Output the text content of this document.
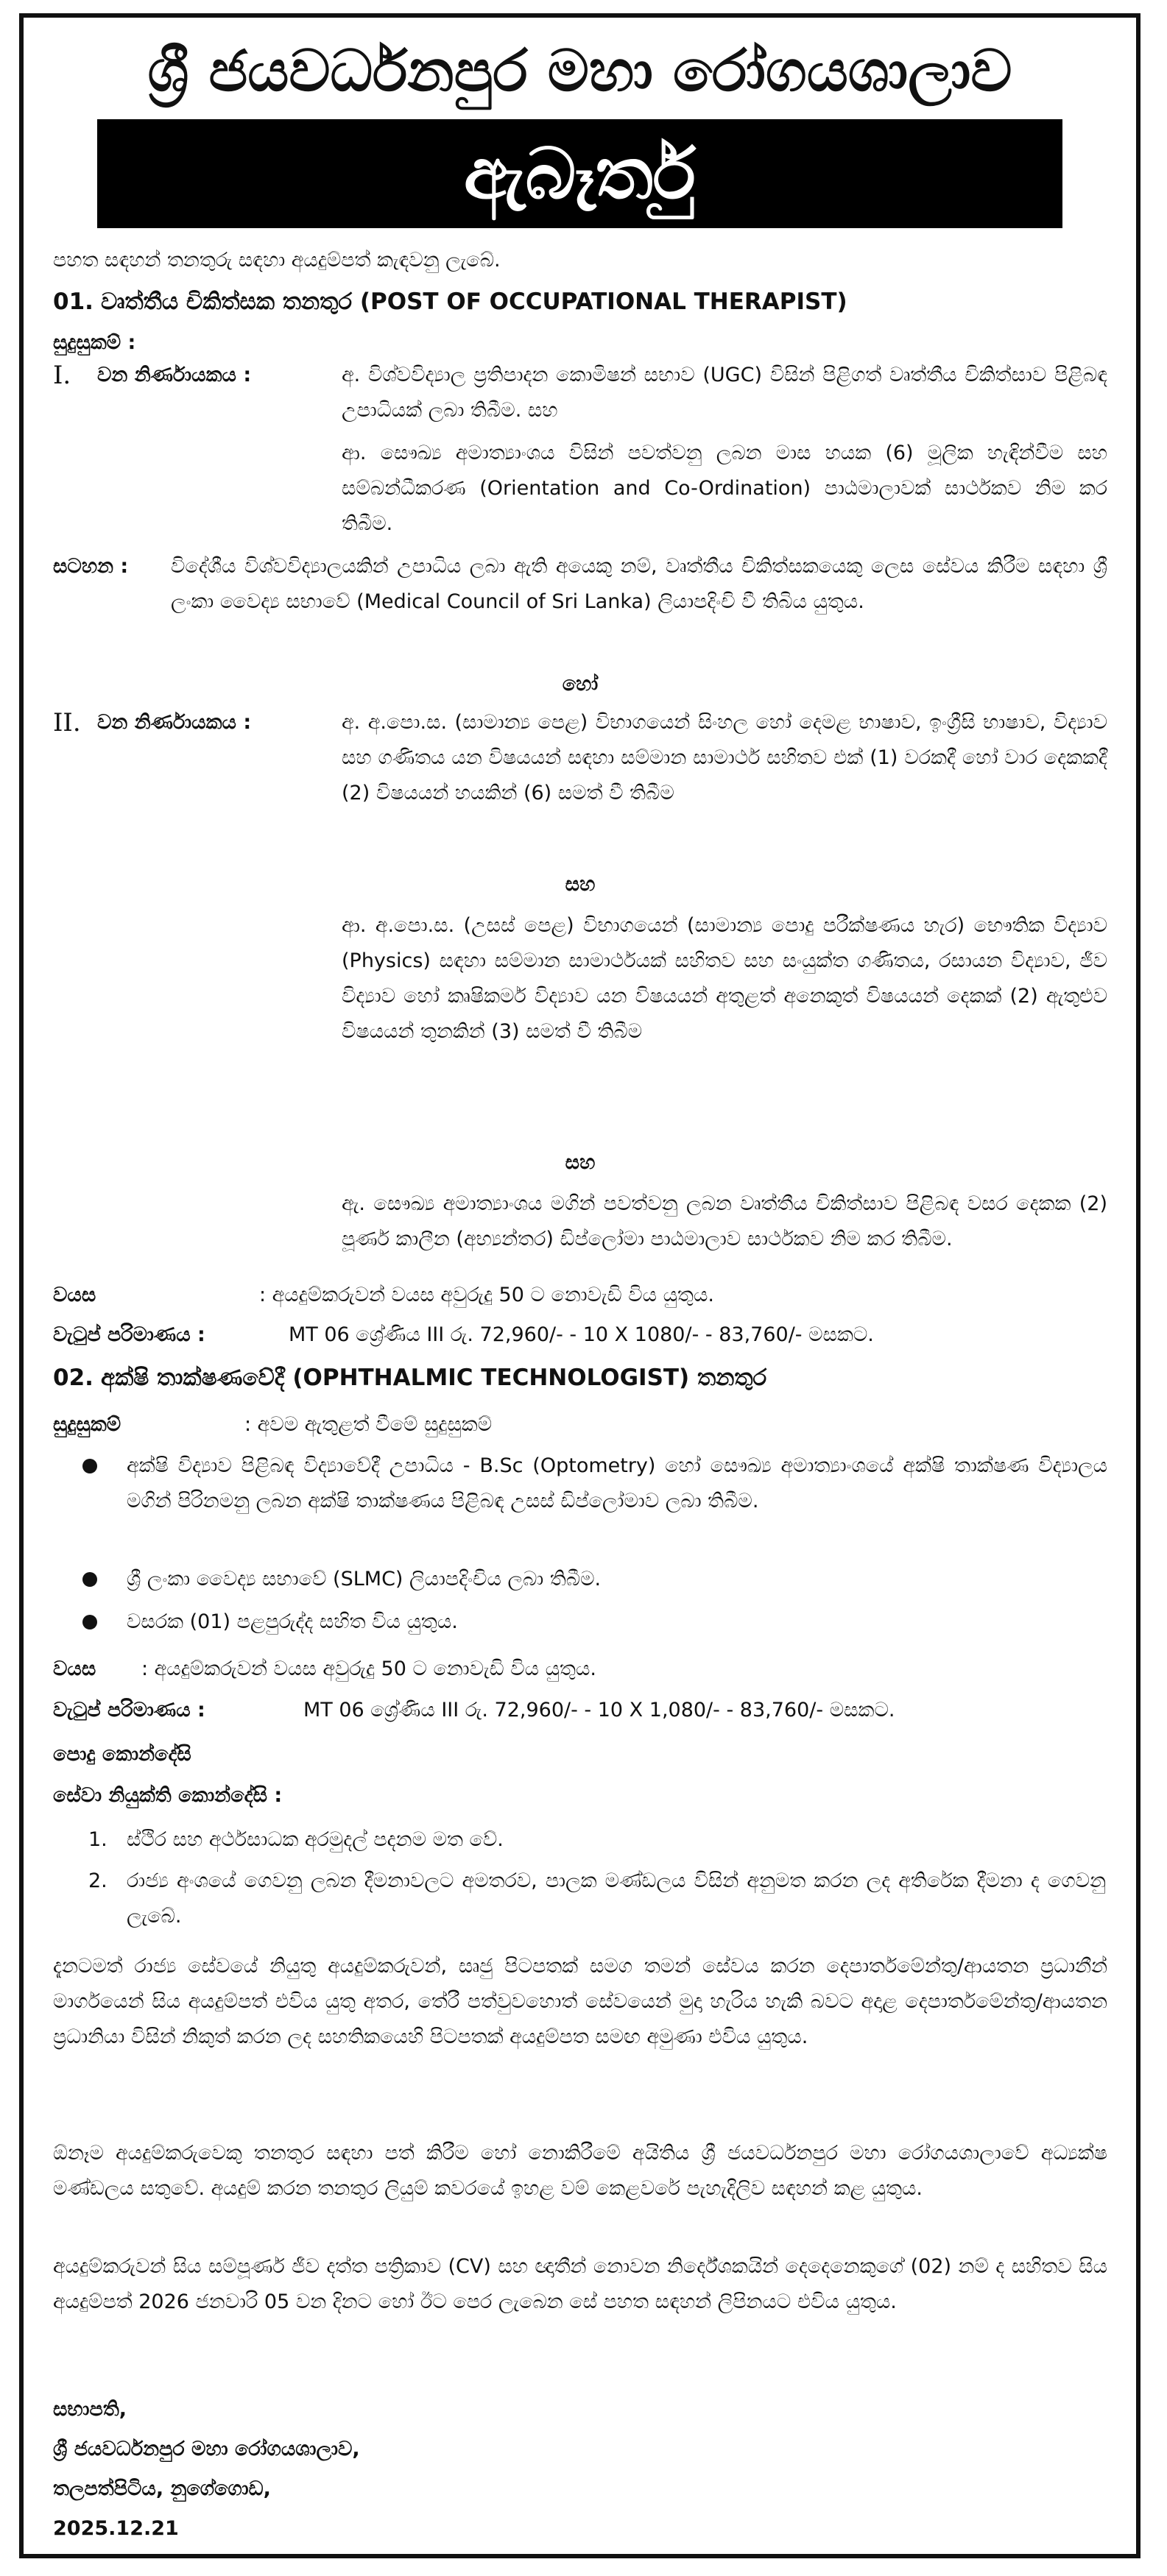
ශ්‍රී ජයවර්ධනපුර මහා රෝගයශාලාව
ඇබෑර්තු
පහත සඳහන් තනතුරු සඳහා අයදුම්පත් කැඳවනු ලැබේ.
01. වෘත්තීය චිකිත්සක තනතුර (POST OF OCCUPATIONAL THERAPIST)
සුදුසුකම් :
I.	වන නිර්ණායකය :	අ. විශ්වවිද්‍යාල ප්‍රතිපාදන කොමිෂන් සභාව (UGC) විසින් පිළිගත් වෘත්තීය චිකිත්සාව පිළිබඳ උපාධියක් ලබා තිබීම. සහ
ආ. සෞඛ්‍ය අමාත්‍යාංශය විසින් පවත්වනු ලබන මාස හයක (6) මූලික හැඳින්වීම සහ සම්බන්ධීකරණ (Orientation and Co-Ordination) පාඨමාලාවක් සාර්ථකව නිම කර තිබීම.
සටහන :	විදේශීය විශ්වවිද්‍යාලයකින් උපාධිය ලබා ඇති අයෙකු නම්, වෘත්තීය චිකිත්සකයෙකු ලෙස සේවය කිරීම සඳහා ශ්‍රී ලංකා වෛද්‍ය සභාවේ (Medical Council of Sri Lanka) ලියාපදිංචි වී තිබිය යුතුය.
හෝ
II. වන නිර්ණායකය :	අ. අ.පො.ස. (සාමාන්‍ය පෙළ) විභාගයෙන් සිංහල හෝ දෙමළ භාෂාව, ඉංග්‍රීසි භාෂාව, විද්‍යාව සහ ගණිතය යන විෂයයන් සඳහා සම්මාන සාමාර්ථ සහිතව එක් (1) වරකදී හෝ වාර දෙකකදී (2) විෂයයන් හයකින් (6) සමත් වී තිබීම
සහ
ආ. අ.පො.ස. (උසස් පෙළ) විභාගයෙන් (සාමාන්‍ය පොදු පරීක්ෂණය හැර) භෞතික විද්‍යාව (Physics) සඳහා සම්මාන සාමාර්ථයක් සහිතව සහ සංයුක්ත ගණිතය, රසායන විද්‍යාව, ජීව විද්‍යාව හෝ කෘෂිකර්ම විද්‍යාව යන විෂයයන් අතුළත් අනෙකුත් විෂයයන් දෙකක් (2) ඇතුළුව විෂයයන් තුනකින් (3) සමත් වී තිබීම
සහ
ඇ. සෞඛ්‍ය අමාත්‍යාංශය මගින් පවත්වනු ලබන වෘත්තීය චිකිත්සාව පිළිබඳ වසර දෙකක (2) පූර්ණ කාලීන (අභ්‍යන්තර) ඩිප්ලෝමා පාඨමාලාව සාර්ථකව නිම කර තිබීම.
වයස	: අයදුම්කරුවන් වයස අවුරුදු 50 ට නොවැඩි විය යුතුය.
වැටුප් පරිමාණය :	MT 06 ශ්‍රේණිය III රු. 72,960/- - 10 X 1080/- - 83,760/- මසකට.
02. අක්ෂි තාක්ෂණවේදී (OPHTHALMIC TECHNOLOGIST) තනතුර
සුදුසුකම්	: අවම ඇතුළත් වීමේ සුදුසුකම්
අක්ෂි විද්‍යාව පිළිබඳ විද්‍යාවේදී උපාධිය - B.Sc (Optometry) හෝ සෞඛ්‍ය අමාත්‍යාංශයේ අක්ෂි තාක්ෂණ විද්‍යාලය මගින් පිරිනමනු ලබන අක්ෂි තාක්ෂණය පිළිබඳ උසස් ඩිප්ලෝමාව ලබා තිබීම.
ශ්‍රී ලංකා වෛද්‍ය සභාවේ (SLMC) ලියාපදිංචිය ලබා තිබීම.
වසරක (01) පළපුරුද්ද සහිත විය යුතුය.
වයස	: අයදුම්කරුවන් වයස අවුරුදු 50 ට නොවැඩි විය යුතුය.
වැටුප් පරිමාණය :	MT 06 ශ්‍රේණිය III රු. 72,960/- - 10 X 1,080/- - 83,760/- මසකට.
පොදු කොන්දේසි
සේවා නියුක්ති කොන්දේසි :
1. ස්ථිර සහ අර්ථසාධක අරමුදල් පදනම මත වේ.
2. රාජ්‍ය අංශයේ ගෙවනු ලබන දීමනාවලට අමතරව, පාලක මණ්ඩලය විසින් අනුමත කරන ලද අතිරේක දීමනා ද ගෙවනු ලැබේ.
දැනටමත් රාජ්‍ය සේවයේ නියුතු අයදුම්කරුවන්, සෘජු පිටපතක් සමග තමන් සේවය කරන දෙපාර්තමේන්තු/ආයතන ප්‍රධානීන් මාර්ගයෙන් සිය අයදුම්පත් එවිය යුතු අතර, තේරී පත්වුවහොත් සේවයෙන් මුදා හැරිය හැකි බවට අදාළ දෙපාර්තමේන්තු/ආයතන ප්‍රධානියා විසින් නිකුත් කරන ලද සහතිකයෙහි පිටපතක් අයදුම්පත සමඟ අමුණා එවිය යුතුය.
ඕනෑම අයදුම්කරුවෙකු තනතුර සඳහා පත් කිරීම හෝ නොකිරීමේ අයිතිය ශ්‍රී ජයවර්ධනපුර මහා රෝගයශාලාවේ අධ්‍යක්ෂ මණ්ඩලය සතුවේ. අයදුම් කරන තනතුර ලියුම් කවරයේ ඉහළ වම් කෙළවරේ පැහැදිලිව සඳහන් කළ යුතුය.
අයදුම්කරුවන් සිය සම්පූර්ණ ජීව දත්ත පත්‍රිකාව (CV) සහ ඥාතීන් නොවන නිර්දේශකයින් දෙදෙනෙකුගේ (02) නම් ද සහිතව සිය අයදුම්පත් 2026 ජනවාරි 05 වන දිනට හෝ ඊට පෙර ලැබෙන සේ පහත සඳහන් ලිපිනයට එවිය යුතුය.
සභාපති,
ශ්‍රී ජයවර්ධනපුර මහා රෝගයශාලාව,
තලපත්පිටිය, නුගේගොඩ,
2025.12.21
